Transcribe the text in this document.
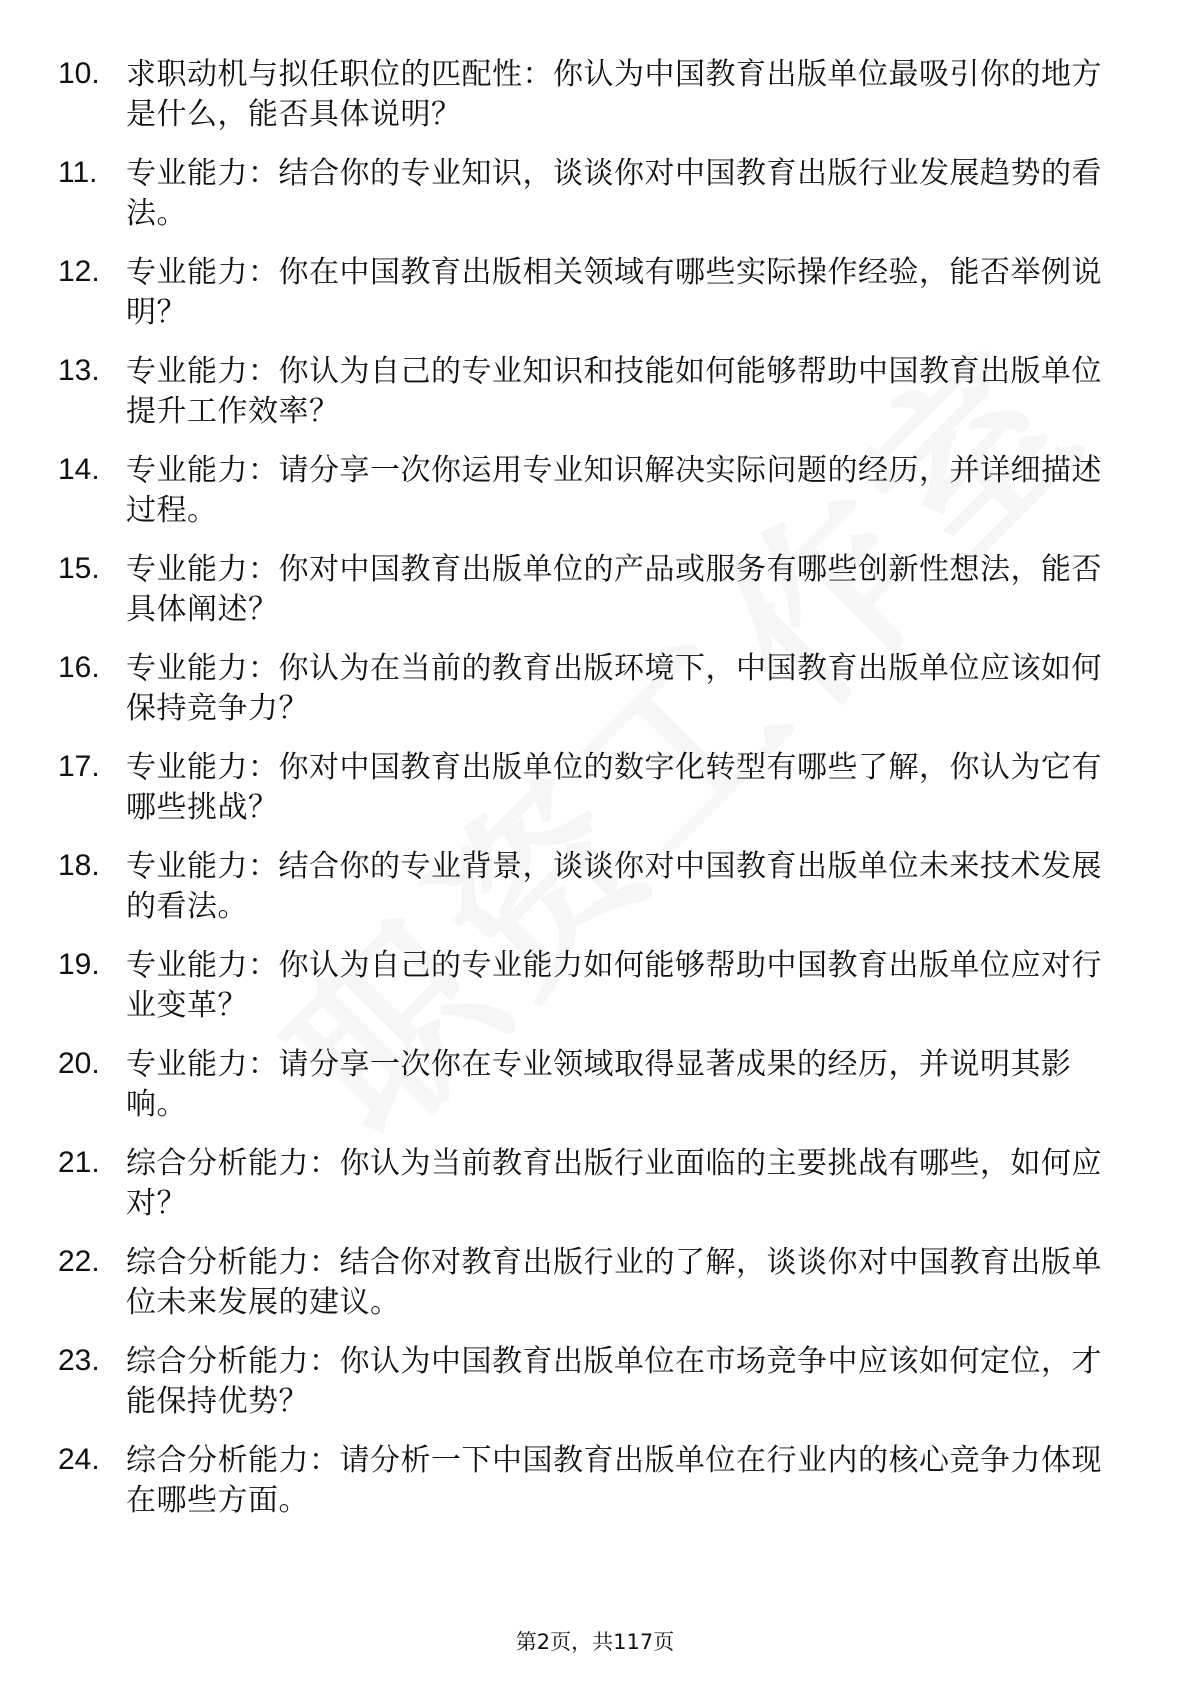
10. 求职动机与拟任职位的匹配性：你认为中国教育出版单位最吸引你的地方是什么，能否具体说明？
11. 专业能力：结合你的专业知识，谈谈你对中国教育出版行业发展趋势的看法。
12. 专业能力：你在中国教育出版相关领域有哪些实际操作经验，能否举例说明？
13. 专业能力：你认为自己的专业知识和技能如何能够帮助中国教育出版单位提升工作效率？
14. 专业能力：请分享一次你运用专业知识解决实际问题的经历，并详细描述过程。
15. 专业能力：你对中国教育出版单位的产品或服务有哪些创新性想法，能否具体阐述？
16. 专业能力：你认为在当前的教育出版环境下，中国教育出版单位应该如何保持竞争力？
17. 专业能力：你对中国教育出版单位的数字化转型有哪些了解，你认为它有哪些挑战？
18. 专业能力：结合你的专业背景，谈谈你对中国教育出版单位未来技术发展的看法。
19. 专业能力：你认为自己的专业能力如何能够帮助中国教育出版单位应对行业变革？
20. 专业能力：请分享一次你在专业领域取得显著成果的经历，并说明其影响。
21. 综合分析能力：你认为当前教育出版行业面临的主要挑战有哪些，如何应对？
22. 综合分析能力：结合你对教育出版行业的了解，谈谈你对中国教育出版单位未来发展的建议。
23. 综合分析能力：你认为中国教育出版单位在市场竞争中应该如何定位，才能保持优势？
24. 综合分析能力：请分析一下中国教育出版单位在行业内的核心竞争力体现在哪些方面。
第2页，共117页
